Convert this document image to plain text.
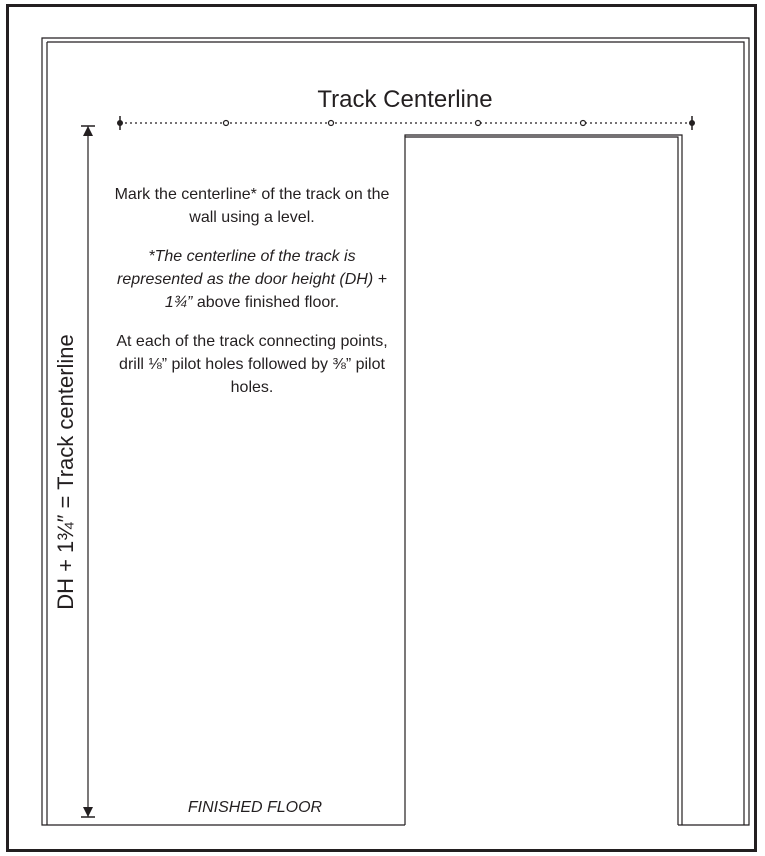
Track Centerline

Mark the centerline* of the track on the wall using a level.

*The centerline of the track is represented as the door height (DH) + 1¾” above finished floor.

At each of the track connecting points, drill ⅛” pilot holes followed by ⅜” pilot holes.

FINISHED FLOOR
DH + 1¾″ = Track centerline
